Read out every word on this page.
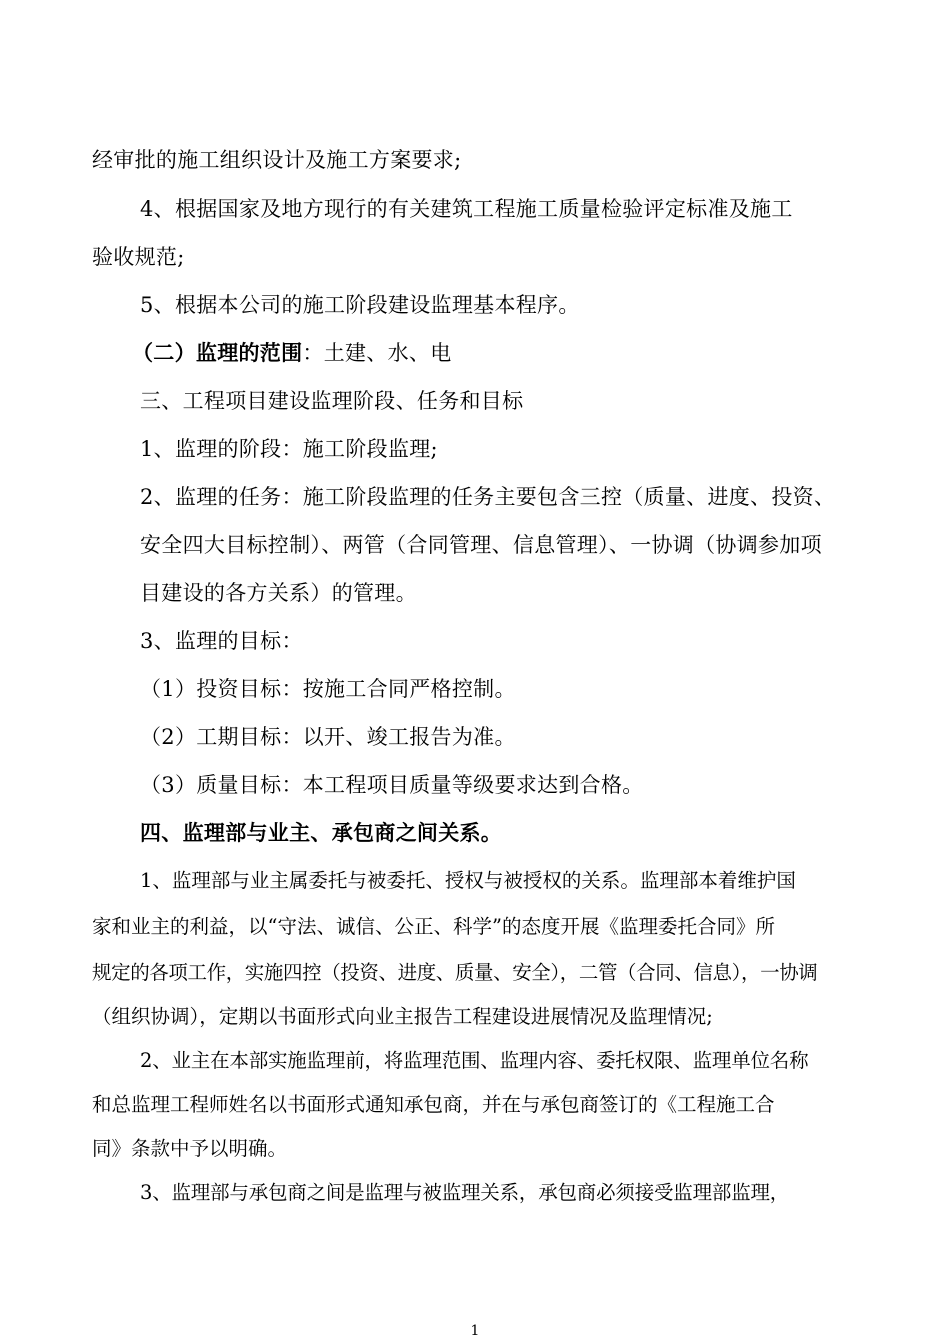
经审批的施工组织设计及施工方案要求;

4、根据国家及地方现行的有关建筑工程施工质量检验评定标准及施工

验收规范;

5、根据本公司的施工阶段建设监理基本程序。

（二）监理的范围：土建、水、电

三、工程项目建设监理阶段、任务和目标

1、监理的阶段：施工阶段监理;

2、监理的任务：施工阶段监理的任务主要包含三控（质量、进度、投资、

安全四大目标控制）、两管（合同管理、信息管理）、一协调（协调参加项

目建设的各方关系）的管理。

3、监理的目标：

（1）投资目标：按施工合同严格控制。

（2）工期目标：以开、竣工报告为准。

（3）质量目标：本工程项目质量等级要求达到合格。

四、监理部与业主、承包商之间关系。

1、监理部与业主属委托与被委托、授权与被授权的关系。监理部本着维护国

家和业主的利益，以“守法、诚信、公正、科学”的态度开展《监理委托合同》所

规定的各项工作，实施四控（投资、进度、质量、安全），二管（合同、信息），一协调

（组织协调），定期以书面形式向业主报告工程建设进展情况及监理情况;

2、业主在本部实施监理前，将监理范围、监理内容、委托权限、监理单位名称

和总监理工程师姓名以书面形式通知承包商，并在与承包商签订的《工程施工合

同》条款中予以明确。

3、监理部与承包商之间是监理与被监理关系，承包商必须接受监理部监理，

1
